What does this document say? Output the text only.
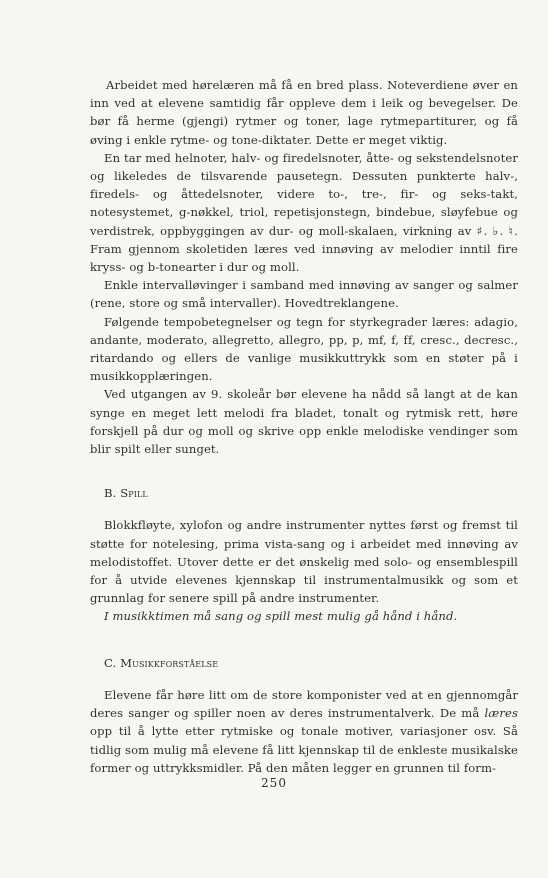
Arbeidet med hørelæren må få en bred plass. Noteverdiene øver en inn ved at elevene samtidig får oppleve dem i leik og bevegelser. De bør få herme (gjengi) rytmer og toner, lage rytmepartiturer, og få øving i enkle rytme- og tone-diktater. Dette er meget viktig.

En tar med helnoter, halv- og firedelsnoter, åtte- og sekstendelsnoter og likeledes de tilsvarende pausetegn. Dessuten punkterte halv-, firedels- og åttedelsnoter, videre to-, tre-, fir- og seks-takt, notesystemet, g-nøkkel, triol, repetisjonstegn, bindebue, sløyfebue og verdistrek, oppbyggingen av dur- og moll-skalaen, virkning av ♯. ♭. ♮. Fram gjennom skoletiden læres ved innøving av melodier inntil fire kryss- og b-tonearter i dur og moll.

Enkle intervalløvinger i samband med innøving av sanger og salmer (rene, store og små intervaller). Hovedtreklangene.

Følgende tempobetegnelser og tegn for styrkegrader læres: adagio, andante, moderato, allegretto, allegro, pp, p, mf, f, ff, cresc., decresc., ritardando og ellers de vanlige musikkuttrykk som en støter på i musikkopplæringen.

Ved utgangen av 9. skoleår bør elevene ha nådd så langt at de kan synge en meget lett melodi fra bladet, tonalt og rytmisk rett, høre forskjell på dur og moll og skrive opp enkle melodiske vendinger som blir spilt eller sunget.

B. Spill

Blokkfløyte, xylofon og andre instrumenter nyttes først og fremst til støtte for notelesing, prima vista-sang og i arbeidet med innøving av melodistoffet. Utover dette er det ønskelig med solo- og ensemblespill for å utvide elevenes kjennskap til instrumentalmusikk og som et grunnlag for senere spill på andre instrumenter.

I musikktimen må sang og spill mest mulig gå hånd i hånd.

C. Musikkforståelse

Elevene får høre litt om de store komponister ved at en gjennomgår deres sanger og spiller noen av deres instrumentalverk. De må læres opp til å lytte etter rytmiske og tonale motiver, variasjoner osv. Så tidlig som mulig må elevene få litt kjennskap til de enkleste musikalske former og uttrykksmidler. På den måten legger en grunnen til form-

250
